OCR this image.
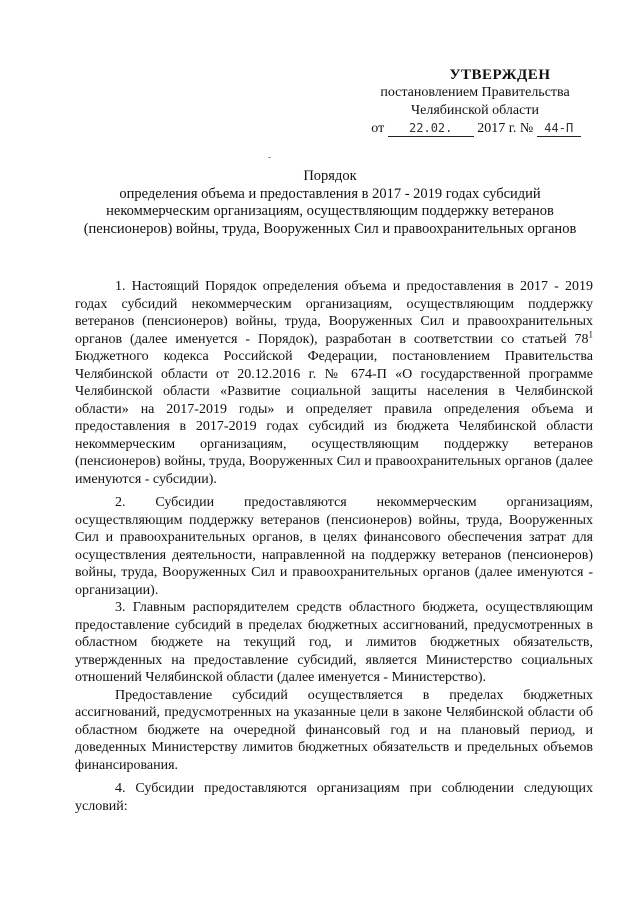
УТВЕРЖДЕН
постановлением Правительства
Челябинской области
от 22.02. 2017 г. № 44-П
Порядок
определения объема и предоставления в 2017 - 2019 годах субсидий
некоммерческим организациям, осуществляющим поддержку ветеранов
(пенсионеров) войны, труда, Вооруженных Сил и правоохранительных органов

1. Настоящий Порядок определения объема и предоставления в 2017 - 2019 годах субсидий некоммерческим организациям, осуществляющим поддержку ветеранов (пенсионеров) войны, труда, Вооруженных Сил и правоохранительных органов (далее именуется - Порядок), разработан в соответствии со статьей $78^1$ Бюджетного кодекса Российской Федерации, постановлением Правительства Челябинской области от 20.12.2016 г. № 674-П «О государственной программе Челябинской области «Развитие социальной защиты населения в Челябинской области» на 2017-2019 годы» и определяет правила определения объема и предоставления в 2017-2019 годах субсидий из бюджета Челябинской области некоммерческим организациям, осуществляющим поддержку ветеранов (пенсионеров) войны, труда, Вооруженных Сил и правоохранительных органов (далее именуются - субсидии).

2. Субсидии предоставляются некоммерческим организациям, осуществляющим поддержку ветеранов (пенсионеров) войны, труда, Вооруженных Сил и правоохранительных органов, в целях финансового обеспечения затрат для осуществления деятельности, направленной на поддержку ветеранов (пенсионеров) войны, труда, Вооруженных Сил и правоохранительных органов (далее именуются - организации).

3. Главным распорядителем средств областного бюджета, осуществляющим предоставление субсидий в пределах бюджетных ассигнований, предусмотренных в областном бюджете на текущий год, и лимитов бюджетных обязательств, утвержденных на предоставление субсидий, является Министерство социальных отношений Челябинской области (далее именуется - Министерство).

Предоставление субсидий осуществляется в пределах бюджетных ассигнований, предусмотренных на указанные цели в законе Челябинской области об областном бюджете на очередной финансовый год и на плановый период, и доведенных Министерству лимитов бюджетных обязательств и предельных объемов финансирования.

4. Субсидии предоставляются организациям при соблюдении следующих условий:
